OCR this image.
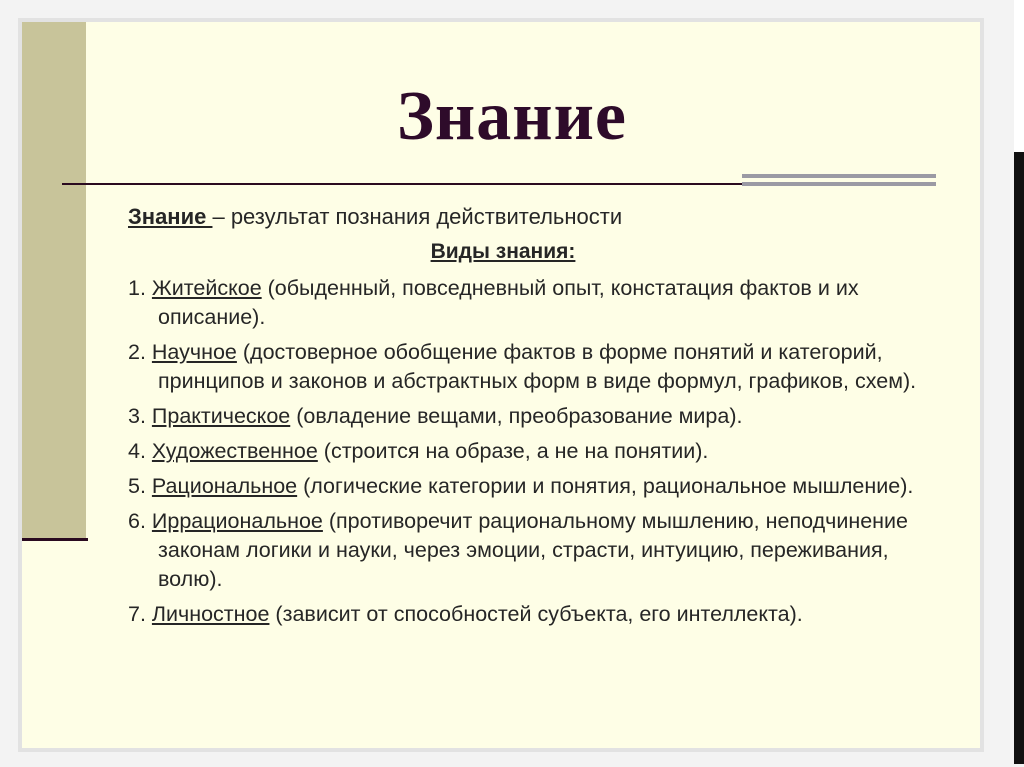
Знание

Знание – результат познания действительности

Виды знания:

1. Житейское (обыденный, повседневный опыт, констатация фактов и их описание).

2. Научное (достоверное обобщение фактов в форме понятий и категорий, принципов и законов и абстрактных форм в виде формул, графиков, схем).

3. Практическое (овладение вещами, преобразование мира).

4. Художественное (строится на образе, а не на понятии).

5. Рациональное (логические категории и понятия, рациональное мышление).

6. Иррациональное (противоречит рациональному мышлению, неподчинение законам логики и науки, через эмоции, страсти, интуицию, переживания, волю).

7. Личностное (зависит от способностей субъекта, его интеллекта).
